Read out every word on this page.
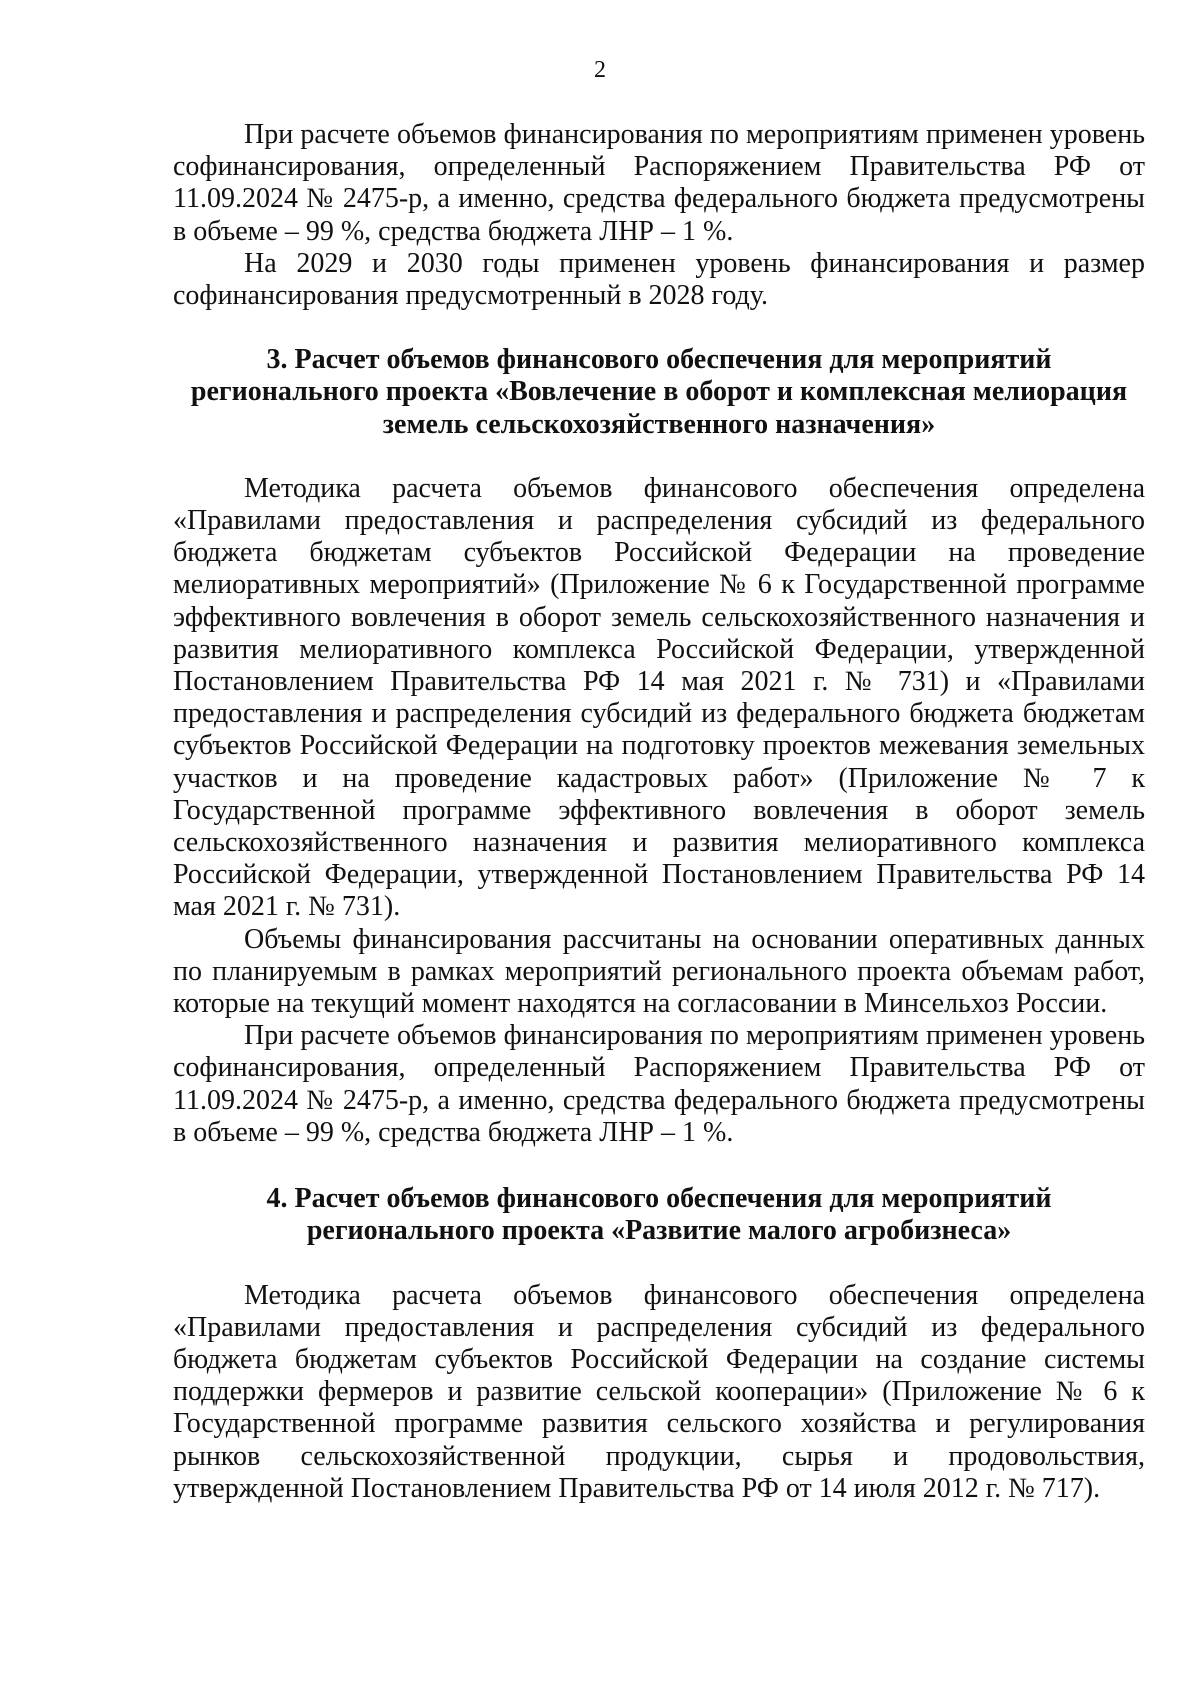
2

При расчете объемов финансирования по мероприятиям применен уровень софинансирования, определенный Распоряжением Правительства РФ от 11.09.2024 № 2475-р, а именно, средства федерального бюджета предусмотрены в объеме – 99 %, средства бюджета ЛНР – 1 %.

На 2029 и 2030 годы применен уровень финансирования и размер софинансирования предусмотренный в 2028 году.

3. Расчет объемов финансового обеспечения для мероприятий регионального проекта «Вовлечение в оборот и комплексная мелиорация земель сельскохозяйственного назначения»

Методика расчета объемов финансового обеспечения определена «Правилами предоставления и распределения субсидий из федерального бюджета бюджетам субъектов Российской Федерации на проведение мелиоративных мероприятий» (Приложение № 6 к Государственной программе эффективного вовлечения в оборот земель сельскохозяйственного назначения и развития мелиоративного комплекса Российской Федерации, утвержденной Постановлением Правительства РФ 14 мая 2021 г. № 731) и «Правилами предоставления и распределения субсидий из федерального бюджета бюджетам субъектов Российской Федерации на подготовку проектов межевания земельных участков и на проведение кадастровых работ» (Приложение № 7 к Государственной программе эффективного вовлечения в оборот земель сельскохозяйственного назначения и развития мелиоративного комплекса Российской Федерации, утвержденной Постановлением Правительства РФ 14 мая 2021 г. № 731).

Объемы финансирования рассчитаны на основании оперативных данных по планируемым в рамках мероприятий регионального проекта объемам работ, которые на текущий момент находятся на согласовании в Минсельхоз России.

При расчете объемов финансирования по мероприятиям применен уровень софинансирования, определенный Распоряжением Правительства РФ от 11.09.2024 № 2475-р, а именно, средства федерального бюджета предусмотрены в объеме – 99 %, средства бюджета ЛНР – 1 %.

4. Расчет объемов финансового обеспечения для мероприятий регионального проекта «Развитие малого агробизнеса»

Методика расчета объемов финансового обеспечения определена «Правилами предоставления и распределения субсидий из федерального бюджета бюджетам субъектов Российской Федерации на создание системы поддержки фермеров и развитие сельской кооперации» (Приложение № 6 к Государственной программе развития сельского хозяйства и регулирования рынков сельскохозяйственной продукции, сырья и продовольствия, утвержденной Постановлением Правительства РФ от 14 июля 2012 г. № 717).
